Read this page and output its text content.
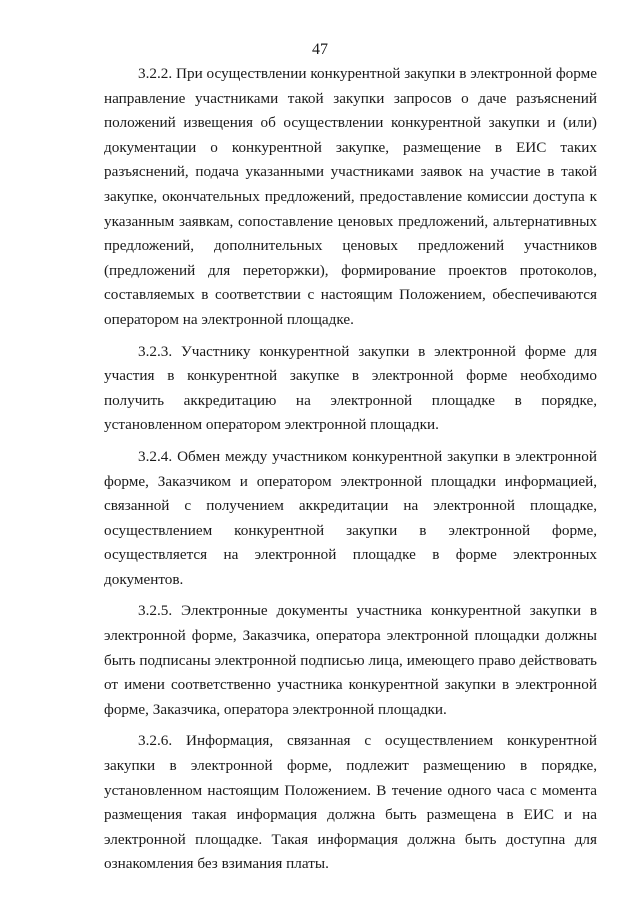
47

3.2.2. При осуществлении конкурентной закупки в электронной форме направление участниками такой закупки запросов о даче разъяснений положений извещения об осуществлении конкурентной закупки и (или) документации о конкурентной закупке, размещение в ЕИС таких разъяснений, подача указанными участниками заявок на участие в такой закупке, окончательных предложений, предоставление комиссии доступа к указанным заявкам, сопоставление ценовых предложений, альтернативных предложений, дополнительных ценовых предложений участников (предложений для переторжки), формирование проектов протоколов, составляемых в соответствии с настоящим Положением, обеспечиваются оператором на электронной площадке.

3.2.3. Участнику конкурентной закупки в электронной форме для участия в конкурентной закупке в электронной форме необходимо получить аккредитацию на электронной площадке в порядке, установленном оператором электронной площадки.

3.2.4. Обмен между участником конкурентной закупки в электронной форме, Заказчиком и оператором электронной площадки информацией, связанной с получением аккредитации на электронной площадке, осуществлением конкурентной закупки в электронной форме, осуществляется на электронной площадке в форме электронных документов.

3.2.5. Электронные документы участника конкурентной закупки в электронной форме, Заказчика, оператора электронной площадки должны быть подписаны электронной подписью лица, имеющего право действовать от имени соответственно участника конкурентной закупки в электронной форме, Заказчика, оператора электронной площадки.

3.2.6. Информация, связанная с осуществлением конкурентной закупки в электронной форме, подлежит размещению в порядке, установленном настоящим Положением. В течение одного часа с момента размещения такая информация должна быть размещена в ЕИС и на электронной площадке. Такая информация должна быть доступна для ознакомления без взимания платы.
